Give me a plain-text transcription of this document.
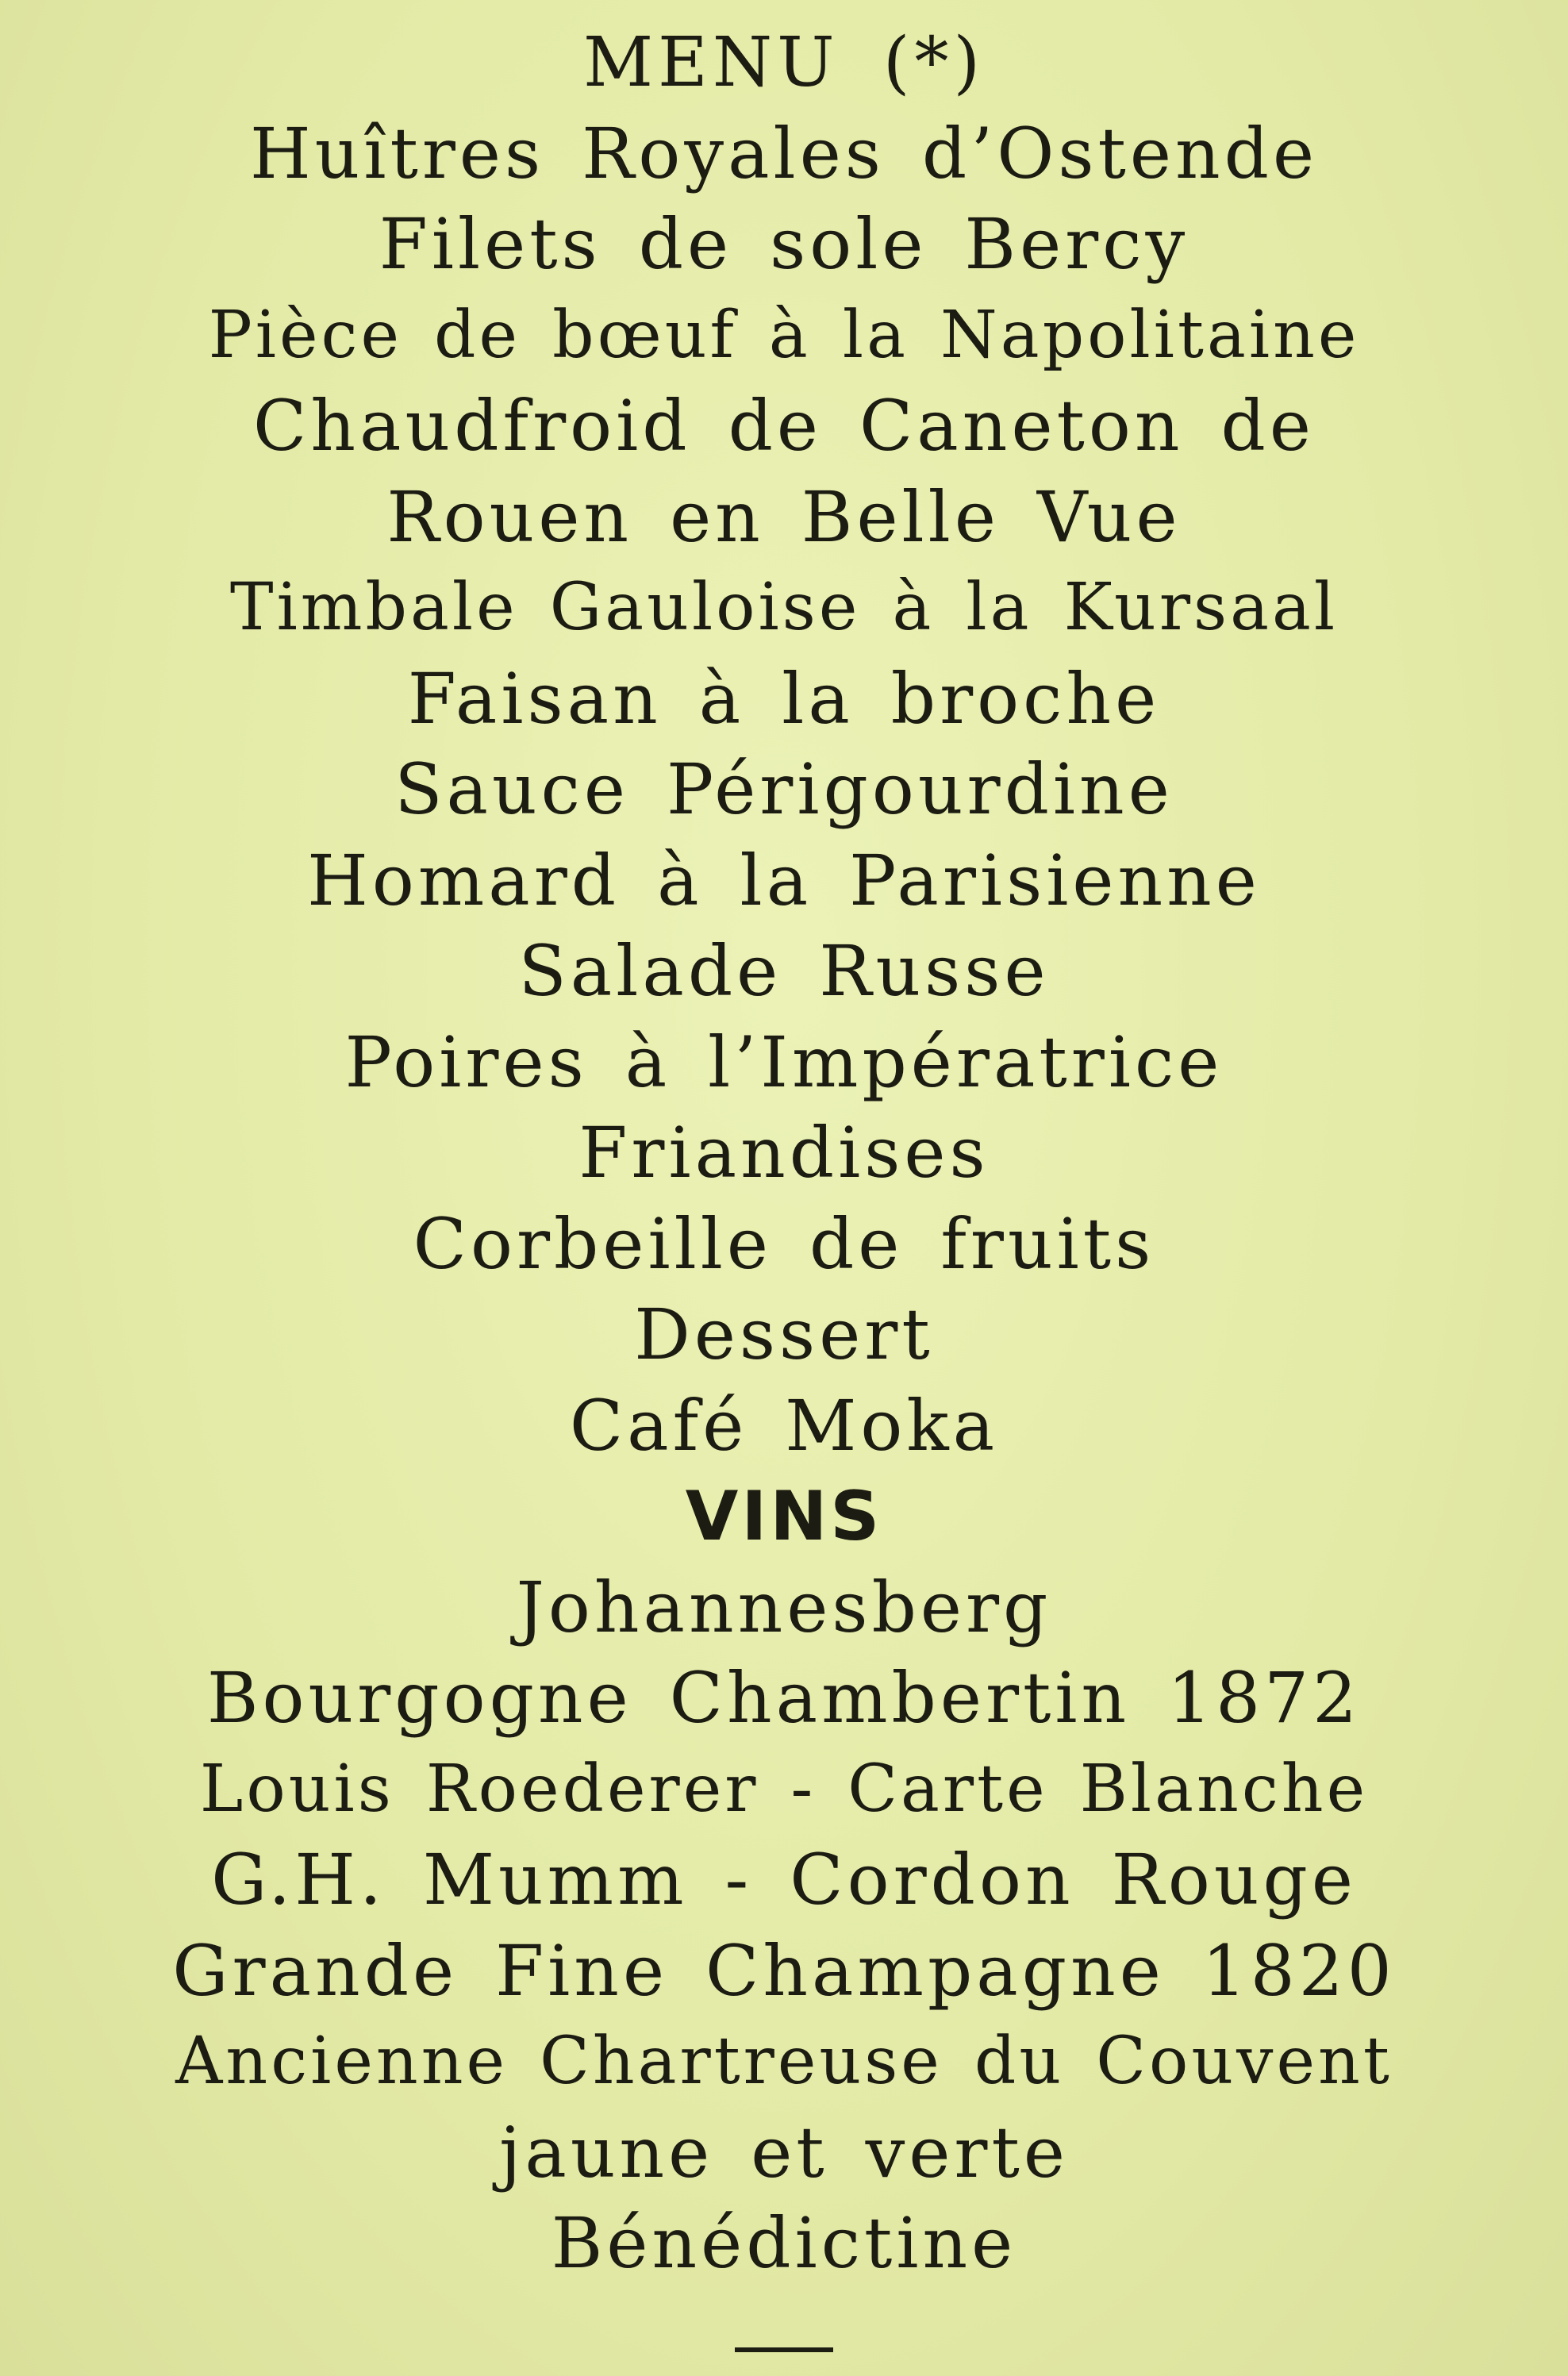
MENU (*)
Huîtres Royales d’Ostende
Filets de sole Bercy
Pièce de bœuf à la Napolitaine
Chaudfroid de Caneton de
Rouen en Belle Vue
Timbale Gauloise à la Kursaal
Faisan à la broche
Sauce Périgourdine
Homard à la Parisienne
Salade Russe
Poires à l’Impératrice
Friandises
Corbeille de fruits
Dessert
Café Moka
VINS
Johannesberg
Bourgogne Chambertin 1872
Louis Roederer - Carte Blanche
G.H. Mumm - Cordon Rouge
Grande Fine Champagne 1820
Ancienne Chartreuse du Couvent
jaune et verte
Bénédictine
